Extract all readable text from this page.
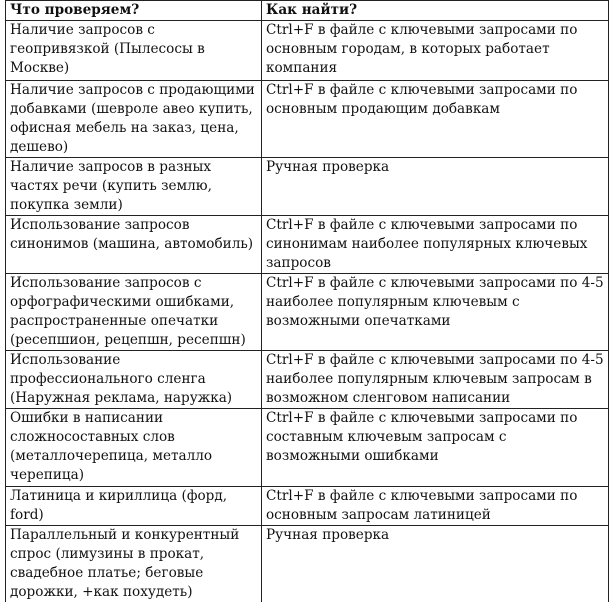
Что проверяем?	Как найти?
Наличие запросов с геопривязкой (Пылесосы в Москве)	Ctrl+F в файле с ключевыми запросами по основным городам, в которых работает компания
Наличие запросов с продающими добавками (шевроле авео купить, офисная мебель на заказ, цена, дешево)	Ctrl+F в файле с ключевыми запросами по основным продающим добавкам
Наличие запросов в разных частях речи (купить землю, покупка земли)	Ручная проверка
Использование запросов синонимов (машина, автомобиль)	Ctrl+F в файле с ключевыми запросами по синонимам наиболее популярных ключевых запросов
Использование запросов с орфографическими ошибками, распространенные опечатки (ресепшион, рецепшн, ресепшн)	Ctrl+F в файле с ключевыми запросами по 4-5 наиболее популярным ключевым с возможными опечатками
Использование профессионального сленга (Наружная реклама, наружка)	Ctrl+F в файле с ключевыми запросами по 4-5 наиболее популярным ключевым запросам в возможном сленговом написании
Ошибки в написании сложносоставных слов (металлочерепица, металло черепица)	Ctrl+F в файле с ключевыми запросами по составным ключевым запросам с возможными ошибками
Латиница и кириллица (форд, ford)	Ctrl+F в файле с ключевыми запросами по основным запросам латиницей
Параллельный и конкурентный спрос (лимузины в прокат, свадебное платье; беговые дорожки, +как похудеть)	Ручная проверка
